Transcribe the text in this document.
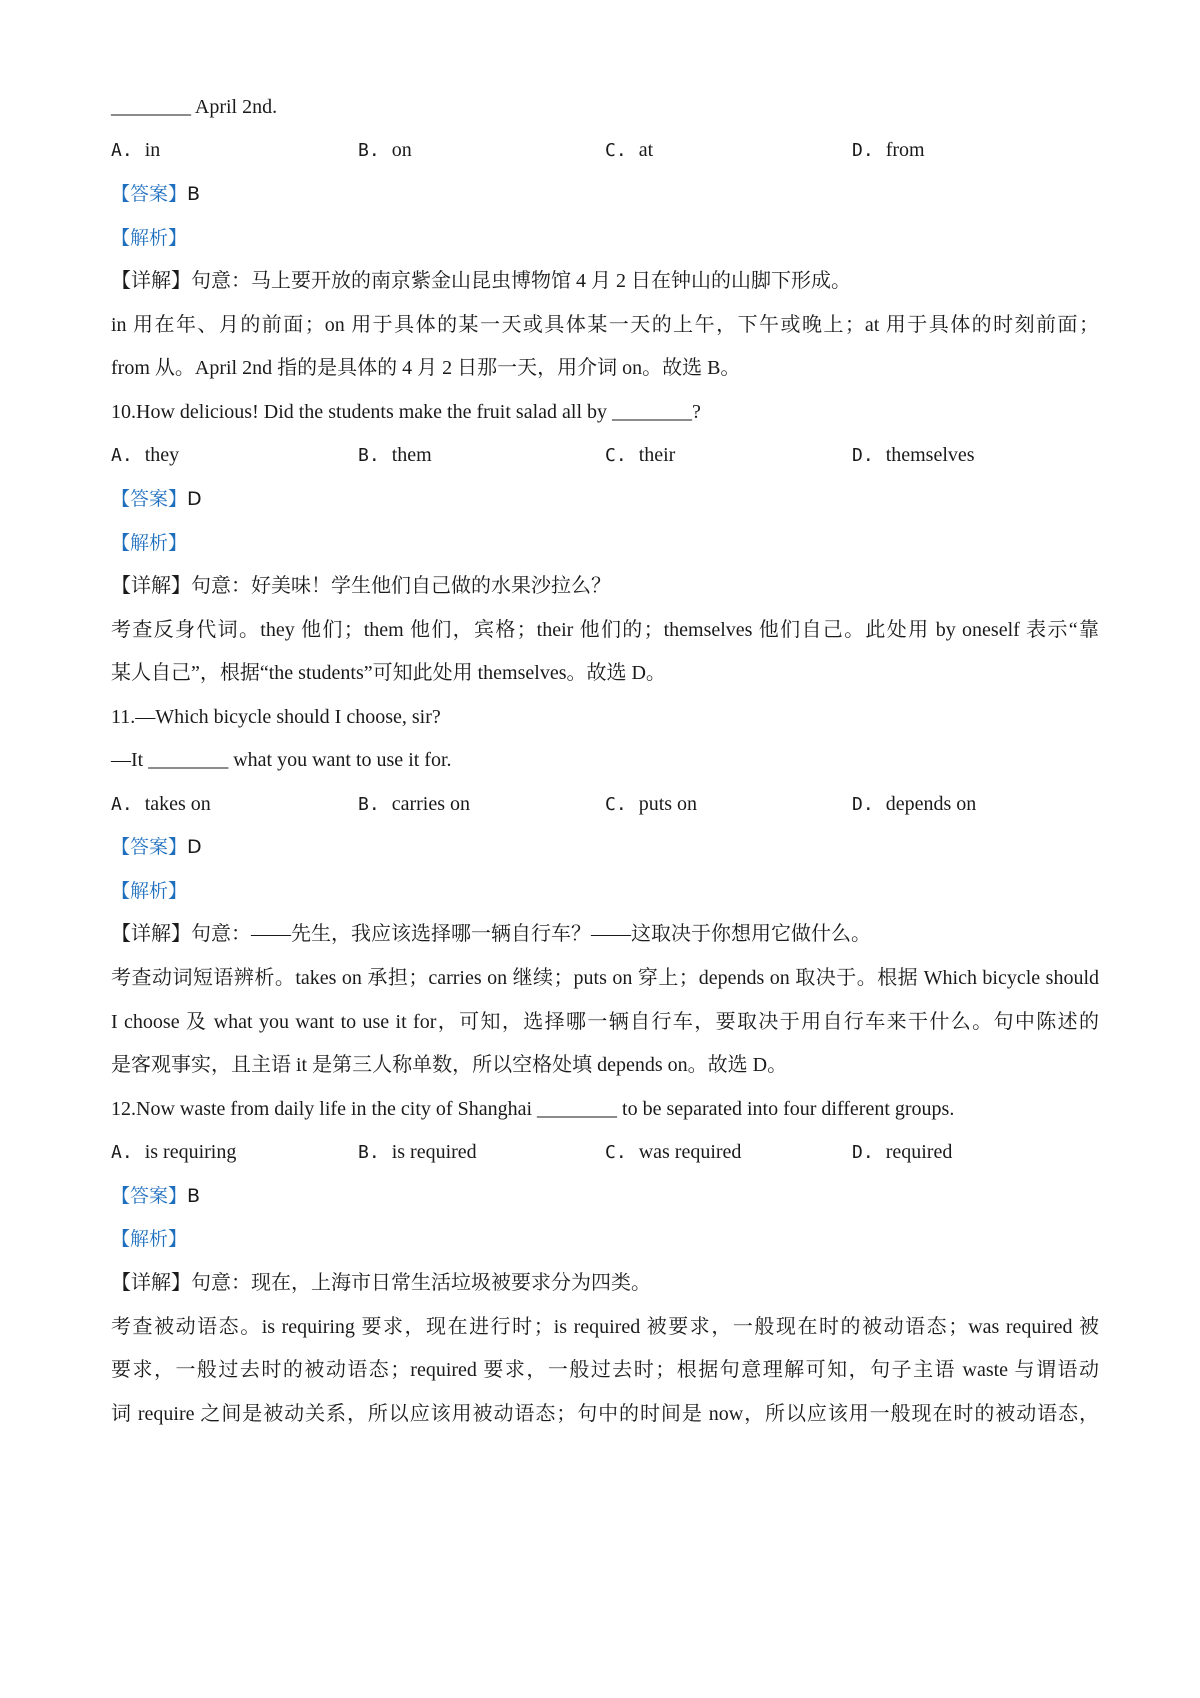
________ April 2nd.
A. in	B. on	C. at	D. from
【答案】B
【解析】
【详解】句意：马上要开放的南京紫金山昆虫博物馆 4 月 2 日在钟山的山脚下形成。
in 用在年、月的前面；on 用于具体的某一天或具体某一天的上午，下午或晚上；at 用于具体的时刻前面；
from 从。April 2nd 指的是具体的 4 月 2 日那一天，用介词 on。故选 B。
10.How delicious! Did the students make the fruit salad all by ________?
A. they	B. them	C. their	D. themselves
【答案】D
【解析】
【详解】句意：好美味！学生他们自己做的水果沙拉么？
考查反身代词。they 他们；them 他们，宾格；their 他们的；themselves 他们自己。此处用 by oneself 表示“靠
某人自己”，根据“the students”可知此处用 themselves。故选 D。
11.—Which bicycle should I choose, sir?
—It ________ what you want to use it for.
A. takes on	B. carries on	C. puts on	D. depends on
【答案】D
【解析】
【详解】句意：——先生，我应该选择哪一辆自行车？——这取决于你想用它做什么。
考查动词短语辨析。takes on 承担；carries on 继续；puts on 穿上；depends on 取决于。根据 Which bicycle should
I choose 及 what you want to use it for，可知，选择哪一辆自行车，要取决于用自行车来干什么。句中陈述的
是客观事实，且主语 it 是第三人称单数，所以空格处填 depends on。故选 D。
12.Now waste from daily life in the city of Shanghai ________ to be separated into four different groups.
A. is requiring	B. is required	C. was required	D. required
【答案】B
【解析】
【详解】句意：现在，上海市日常生活垃圾被要求分为四类。
考查被动语态。is requiring 要求，现在进行时；is required 被要求，一般现在时的被动语态；was required 被
要求，一般过去时的被动语态；required 要求，一般过去时；根据句意理解可知，句子主语 waste 与谓语动
词 require 之间是被动关系，所以应该用被动语态；句中的时间是 now，所以应该用一般现在时的被动语态，
